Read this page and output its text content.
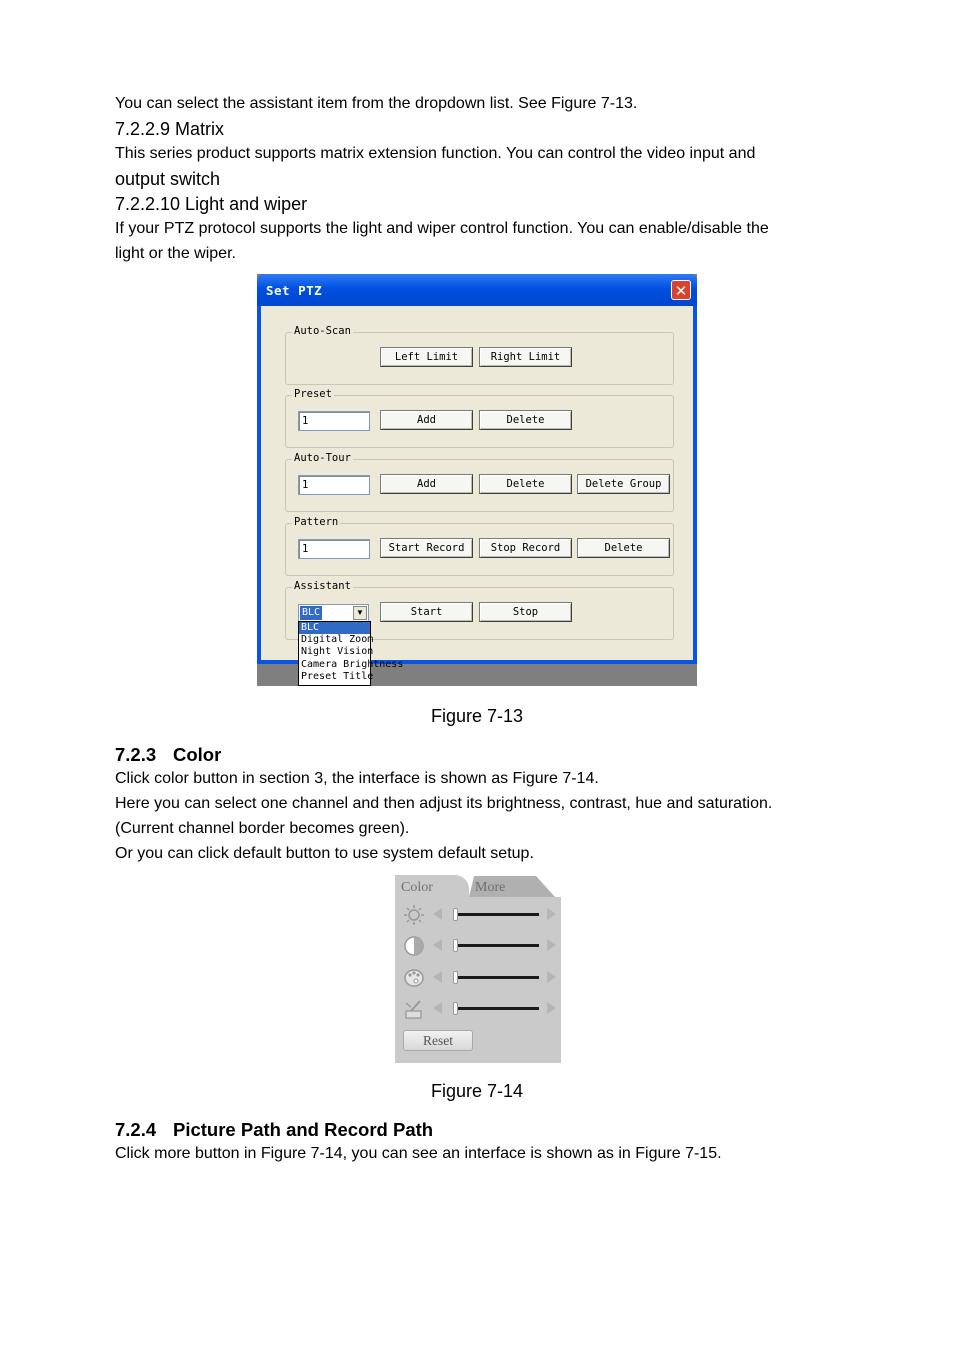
You can select the assistant item from the dropdown list. See Figure 7-13.
7.2.2.9 Matrix
This series product supports matrix extension function. You can control the video input and
output switch
7.2.2.10 Light and wiper
If your PTZ protocol supports the light and wiper control function. You can enable/disable the
light or the wiper.
Set PTZ	✕
Auto-Scan
Left Limit	Right Limit
Preset
1	Add	Delete
Auto-Tour
1	Add	Delete	Delete Group
Pattern
1	Start Record	Stop Record	Delete
Assistant
BLC	▼	Start	Stop
BLC
Digital Zoom
Night Vision
Camera Brightness
Preset Title
Figure 7-13
7.2.3 Color
Click color button in section 3, the interface is shown as Figure 7-14.
Here you can select one channel and then adjust its brightness, contrast, hue and saturation.
(Current channel border becomes green).
Or you can click default button to use system default setup.
Color	More
Reset
Figure 7-14
7.2.4 Picture Path and Record Path
Click more button in Figure 7-14, you can see an interface is shown as in Figure 7-15.
